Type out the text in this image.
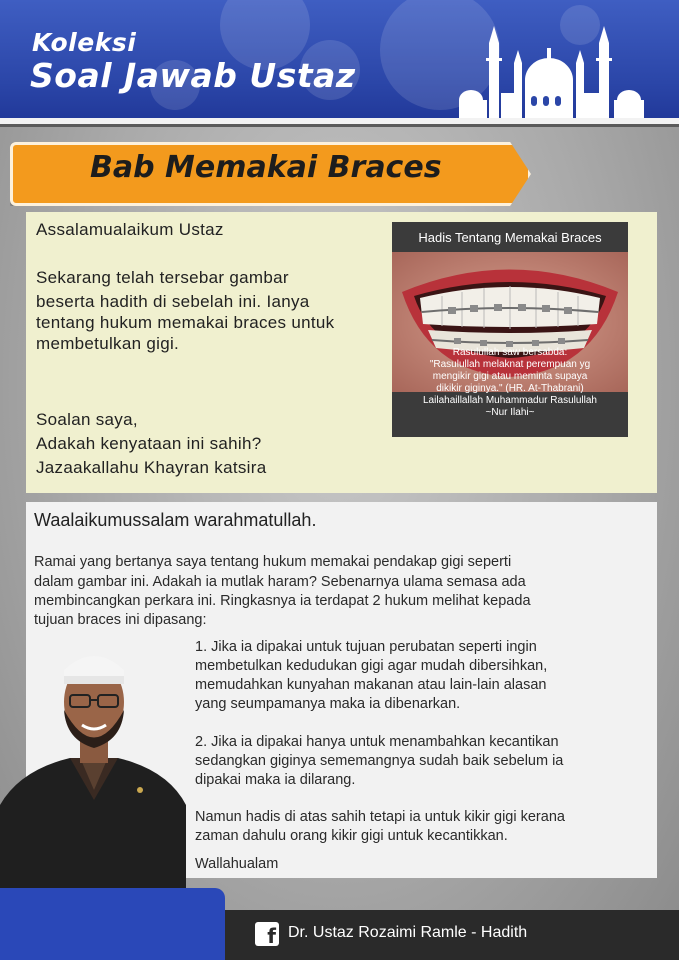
Koleksi
Soal Jawab Ustaz
Bab Memakai Braces
Assalamualaikum Ustaz
Sekarang telah tersebar gambar
beserta hadith di sebelah ini. Ianya
tentang hukum memakai braces untuk
membetulkan gigi.
Soalan saya,
Adakah kenyataan ini sahih?
Jazaakallahu Khayran katsira
Hadis Tentang Memakai Braces
Rasulullah saw bersabda:
"Rasulullah melaknat perempuan yg
mengikir gigi atau meminta supaya
dikikir giginya." (HR. At-Thabrani)
Lailahaillallah Muhammadur Rasulullah
~Nur Ilahi~
Waalaikumussalam warahmatullah.
Ramai yang bertanya saya tentang hukum memakai pendakap gigi seperti
dalam gambar ini. Adakah ia mutlak haram? Sebenarnya ulama semasa ada
membincangkan perkara ini. Ringkasnya ia terdapat 2 hukum melihat kepada
tujuan braces ini dipasang:
1. Jika ia dipakai untuk tujuan perubatan seperti ingin
membetulkan kedudukan gigi agar mudah dibersihkan,
memudahkan kunyahan makanan atau lain-lain alasan
yang seumpamanya maka ia dibenarkan.
2. Jika ia dipakai hanya untuk menambahkan kecantikan
sedangkan giginya sememangnya sudah baik sebelum ia
dipakai maka ia dilarang.
Namun hadis di atas sahih tetapi ia untuk kikir gigi kerana
zaman dahulu orang kikir gigi untuk kecantikkan.
Wallahualam
f Dr. Ustaz Rozaimi Ramle - Hadith
